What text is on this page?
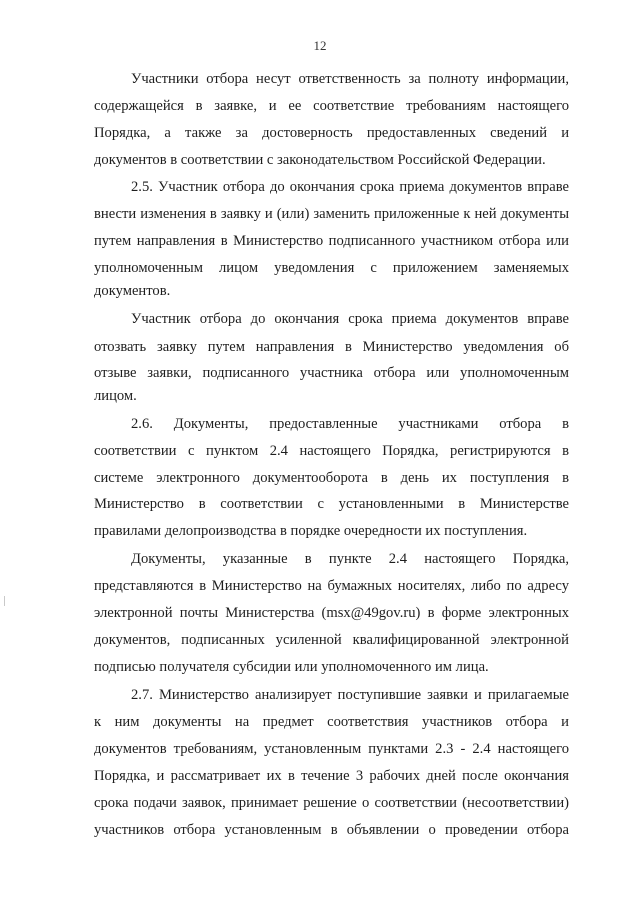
12
Участники отбора несут ответственность за полноту информации,
содержащейся в заявке, и ее соответствие требованиям настоящего
Порядка, а также за достоверность предоставленных сведений и
документов в соответствии с законодательством Российской Федерации.
2.5. Участник отбора до окончания срока приема документов вправе
внести изменения в заявку и (или) заменить приложенные к ней документы
путем направления в Министерство подписанного участником отбора или
уполномоченным лицом уведомления с приложением заменяемых
документов.
Участник отбора до окончания срока приема документов вправе
отозвать заявку путем направления в Министерство уведомления об
отзыве заявки, подписанного участника отбора или уполномоченным
лицом.
2.6. Документы, предоставленные участниками отбора в
соответствии с пунктом 2.4 настоящего Порядка, регистрируются в
системе электронного документооборота в день их поступления в
Министерство в соответствии с установленными в Министерстве
правилами делопроизводства в порядке очередности их поступления.
Документы, указанные в пункте 2.4 настоящего Порядка,
представляются в Министерство на бумажных носителях, либо по адресу
электронной почты Министерства (msx@49gov.ru) в форме электронных
документов, подписанных усиленной квалифицированной электронной
подписью получателя субсидии или уполномоченного им лица.
2.7. Министерство анализирует поступившие заявки и прилагаемые
к ним документы на предмет соответствия участников отбора и
документов требованиям, установленным пунктами 2.3 - 2.4 настоящего
Порядка, и рассматривает их в течение 3 рабочих дней после окончания
срока подачи заявок, принимает решение о соответствии (несоответствии)
участников отбора установленным в объявлении о проведении отбора
